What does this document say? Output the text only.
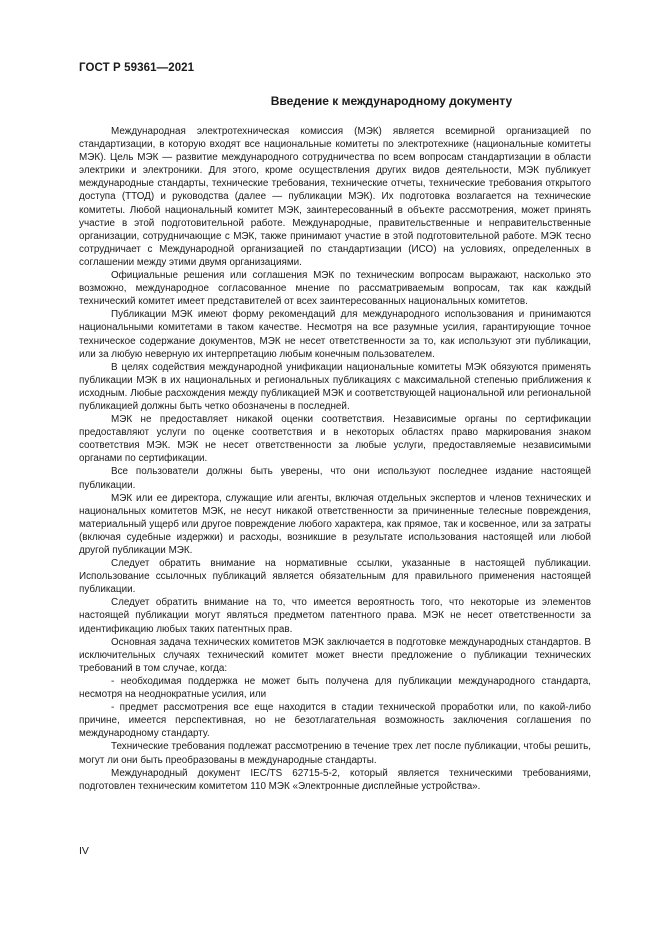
ГОСТ Р 59361—2021
Введение к международному документу

Международная электротехническая комиссия (МЭК) является всемирной организацией по стандартизации, в которую входят все национальные комитеты по электротехнике (национальные комитеты МЭК). Цель МЭК — развитие международного сотрудничества по всем вопросам стандартизации в области электрики и электроники. Для этого, кроме осуществления других видов деятельности, МЭК публикует международные стандарты, технические требования, технические отчеты, технические требования открытого доступа (ТТОД) и руководства (далее — публикации МЭК). Их подготовка возлагается на технические комитеты. Любой национальный комитет МЭК, заинтересованный в объекте рассмотрения, может принять участие в этой подготовительной работе. Международные, правительственные и неправительственные организации, сотрудничающие с МЭК, также принимают участие в этой подготовительной работе. МЭК тесно сотрудничает с Международной организацией по стандартизации (ИСО) на условиях, определенных в соглашении между этими двумя организациями.

Официальные решения или соглашения МЭК по техническим вопросам выражают, насколько это возможно, международное согласованное мнение по рассматриваемым вопросам, так как каждый технический комитет имеет представителей от всех заинтересованных национальных комитетов.

Публикации МЭК имеют форму рекомендаций для международного использования и принимаются национальными комитетами в таком качестве. Несмотря на все разумные усилия, гарантирующие точное техническое содержание документов, МЭК не несет ответственности за то, как используют эти публикации, или за любую неверную их интерпретацию любым конечным пользователем.

В целях содействия международной унификации национальные комитеты МЭК обязуются применять публикации МЭК в их национальных и региональных публикациях с максимальной степенью приближения к исходным. Любые расхождения между публикацией МЭК и соответствующей национальной или региональной публикацией должны быть четко обозначены в последней.

МЭК не предоставляет никакой оценки соответствия. Независимые органы по сертификации предоставляют услуги по оценке соответствия и в некоторых областях право маркирования знаком соответствия МЭК. МЭК не несет ответственности за любые услуги, предоставляемые независимыми органами по сертификации.

Все пользователи должны быть уверены, что они используют последнее издание настоящей публикации.

МЭК или ее директора, служащие или агенты, включая отдельных экспертов и членов технических и национальных комитетов МЭК, не несут никакой ответственности за причиненные телесные повреждения, материальный ущерб или другое повреждение любого характера, как прямое, так и косвенное, или за затраты (включая судебные издержки) и расходы, возникшие в результате использования настоящей или любой другой публикации МЭК.

Следует обратить внимание на нормативные ссылки, указанные в настоящей публикации. Использование ссылочных публикаций является обязательным для правильного применения настоящей публикации.

Следует обратить внимание на то, что имеется вероятность того, что некоторые из элементов настоящей публикации могут являться предметом патентного права. МЭК не несет ответственности за идентификацию любых таких патентных прав.

Основная задача технических комитетов МЭК заключается в подготовке международных стандартов. В исключительных случаях технический комитет может внести предложение о публикации технических требований в том случае, когда:

- необходимая поддержка не может быть получена для публикации международного стандарта, несмотря на неоднократные усилия, или

- предмет рассмотрения все еще находится в стадии технической проработки или, по какой-либо причине, имеется перспективная, но не безотлагательная возможность заключения соглашения по международному стандарту.

Технические требования подлежат рассмотрению в течение трех лет после публикации, чтобы решить, могут ли они быть преобразованы в международные стандарты.

Международный документ IEC/TS 62715-5-2, который является техническими требованиями, подготовлен техническим комитетом 110 МЭК «Электронные дисплейные устройства».

IV
